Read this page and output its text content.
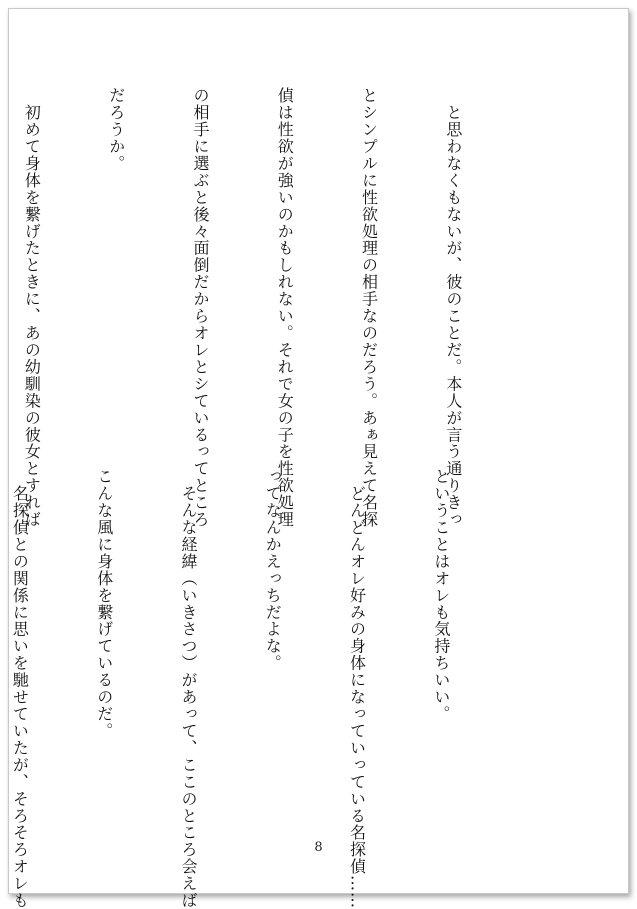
　と思わなくもないが、彼のことだ。本人が言う通りきっ

とシンプルに性欲処理の相手なのだろう。あぁ見えて名探

偵は性欲が強いのかもしれない。それで女の子を性欲処理

の相手に選ぶと後々面倒だからオレとシているってところ

だろうか。

　初めて身体を繋げたときに、あの幼馴染の彼女とすれば

ということはオレも気持ちいい。

　どんどんオレ好みの身体になっていっている名探偵……

ってなんかえっちだよな。

　そんな経緯（いきさつ）があって、ここのところ会えば

こんな風に身体を繋げているのだ。

　名探偵との関係に思いを馳せていたが、そろそろオレも

	8
